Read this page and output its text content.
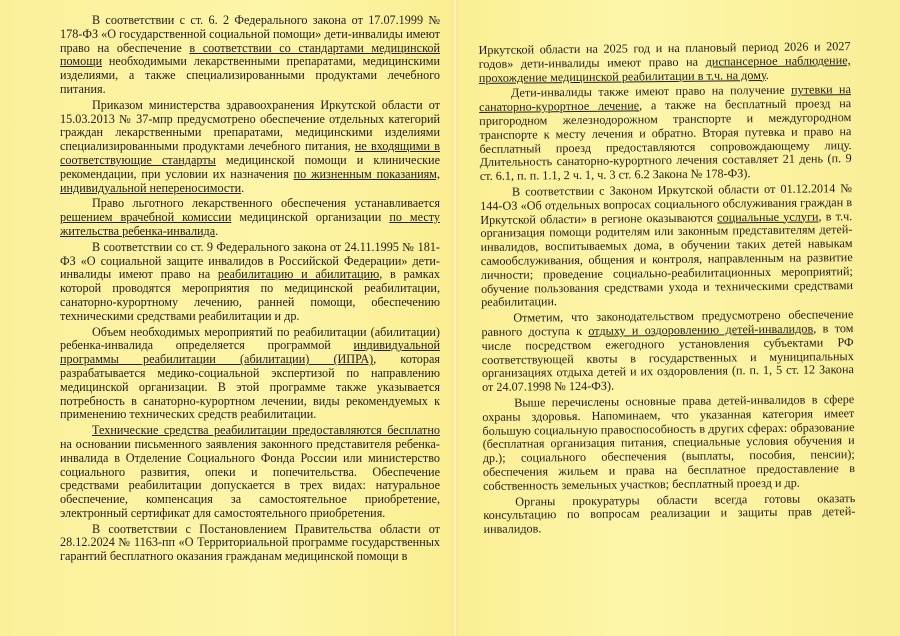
В соответствии с ст. 6. 2 Федерального закона от 17.07.1999 № 178-ФЗ «О государственной социальной помощи» дети-инвалиды имеют право на обеспечение в соответствии со стандартами медицинской помощи необходимыми лекарственными препаратами, медицинскими изделиями, а также специализированными продуктами лечебного питания.

Приказом министерства здравоохранения Иркутской области от 15.03.2013 № 37-мпр предусмотрено обеспечение отдельных категорий граждан лекарственными препаратами, медицинскими изделиями специализированными продуктами лечебного питания, не входящими в соответствующие стандарты медицинской помощи и клинические рекомендации, при условии их назначения по жизненным показаниям, индивидуальной непереносимости.

Право льготного лекарственного обеспечения устанавливается решением врачебной комиссии медицинской организации по месту жительства ребенка-инвалида.

В соответствии со ст. 9 Федерального закона от 24.11.1995 № 181-ФЗ «О социальной защите инвалидов в Российской Федерации» дети-инвалиды имеют право на реабилитацию и абилитацию, в рамках которой проводятся мероприятия по медицинской реабилитации, санаторно-курортному лечению, ранней помощи, обеспечению техническими средствами реабилитации и др.

Объем необходимых мероприятий по реабилитации (абилитации) ребенка-инвалида определяется программой индивидуальной программы реабилитации (абилитации) (ИПРА), которая разрабатывается медико-социальной экспертизой по направлению медицинской организации. В этой программе также указывается потребность в санаторно-курортном лечении, виды рекомендуемых к применению технических средств реабилитации.

Технические средства реабилитации предоставляются бесплатно на основании письменного заявления законного представителя ребенка-инвалида в Отделение Социального Фонда России или министерство социального развития, опеки и попечительства. Обеспечение средствами реабилитации допускается в трех видах: натуральное обеспечение, компенсация за самостоятельное приобретение, электронный сертификат для самостоятельного приобретения.

В соответствии с Постановлением Правительства области от 28.12.2024 № 1163-пп «О Территориальной программе государственных гарантий бесплатного оказания гражданам медицинской помощи в

Иркутской области на 2025 год и на плановый период 2026 и 2027 годов» дети-инвалиды имеют право на диспансерное наблюдение, прохождение медицинской реабилитации в т.ч. на дому.

Дети-инвалиды также имеют право на получение путевки на санаторно-курортное лечение, а также на бесплатный проезд на пригородном железнодорожном транспорте и междугородном транспорте к месту лечения и обратно. Вторая путевка и право на бесплатный проезд предоставляются сопровождающему лицу. Длительность санаторно-курортного лечения составляет 21 день (п. 9 ст. 6.1, п. п. 1.1, 2 ч. 1, ч. 3 ст. 6.2 Закона № 178-ФЗ).

В соответствии с Законом Иркутской области от 01.12.2014 № 144-ОЗ «Об отдельных вопросах социального обслуживания граждан в Иркутской области» в регионе оказываются социальные услуги, в т.ч. организация помощи родителям или законным представителям детей-инвалидов, воспитываемых дома, в обучении таких детей навыкам самообслуживания, общения и контроля, направленным на развитие личности; проведение социально-реабилитационных мероприятий; обучение пользования средствами ухода и техническими средствами реабилитации.

Отметим, что законодательством предусмотрено обеспечение равного доступа к отдыху и оздоровлению детей-инвалидов, в том числе посредством ежегодного установления субъектами РФ соответствующей квоты в государственных и муниципальных организациях отдыха детей и их оздоровления (п. п. 1, 5 ст. 12 Закона от 24.07.1998 № 124-ФЗ).

Выше перечислены основные права детей-инвалидов в сфере охраны здоровья. Напоминаем, что указанная категория имеет большую социальную правоспособность в других сферах: образование (бесплатная организация питания, специальные условия обучения и др.); социального обеспечения (выплаты, пособия, пенсии); обеспечения жильем и права на бесплатное предоставление в собственность земельных участков; бесплатный проезд и др.

Органы прокуратуры области всегда готовы оказать консультацию по вопросам реализации и защиты прав детей-инвалидов.
